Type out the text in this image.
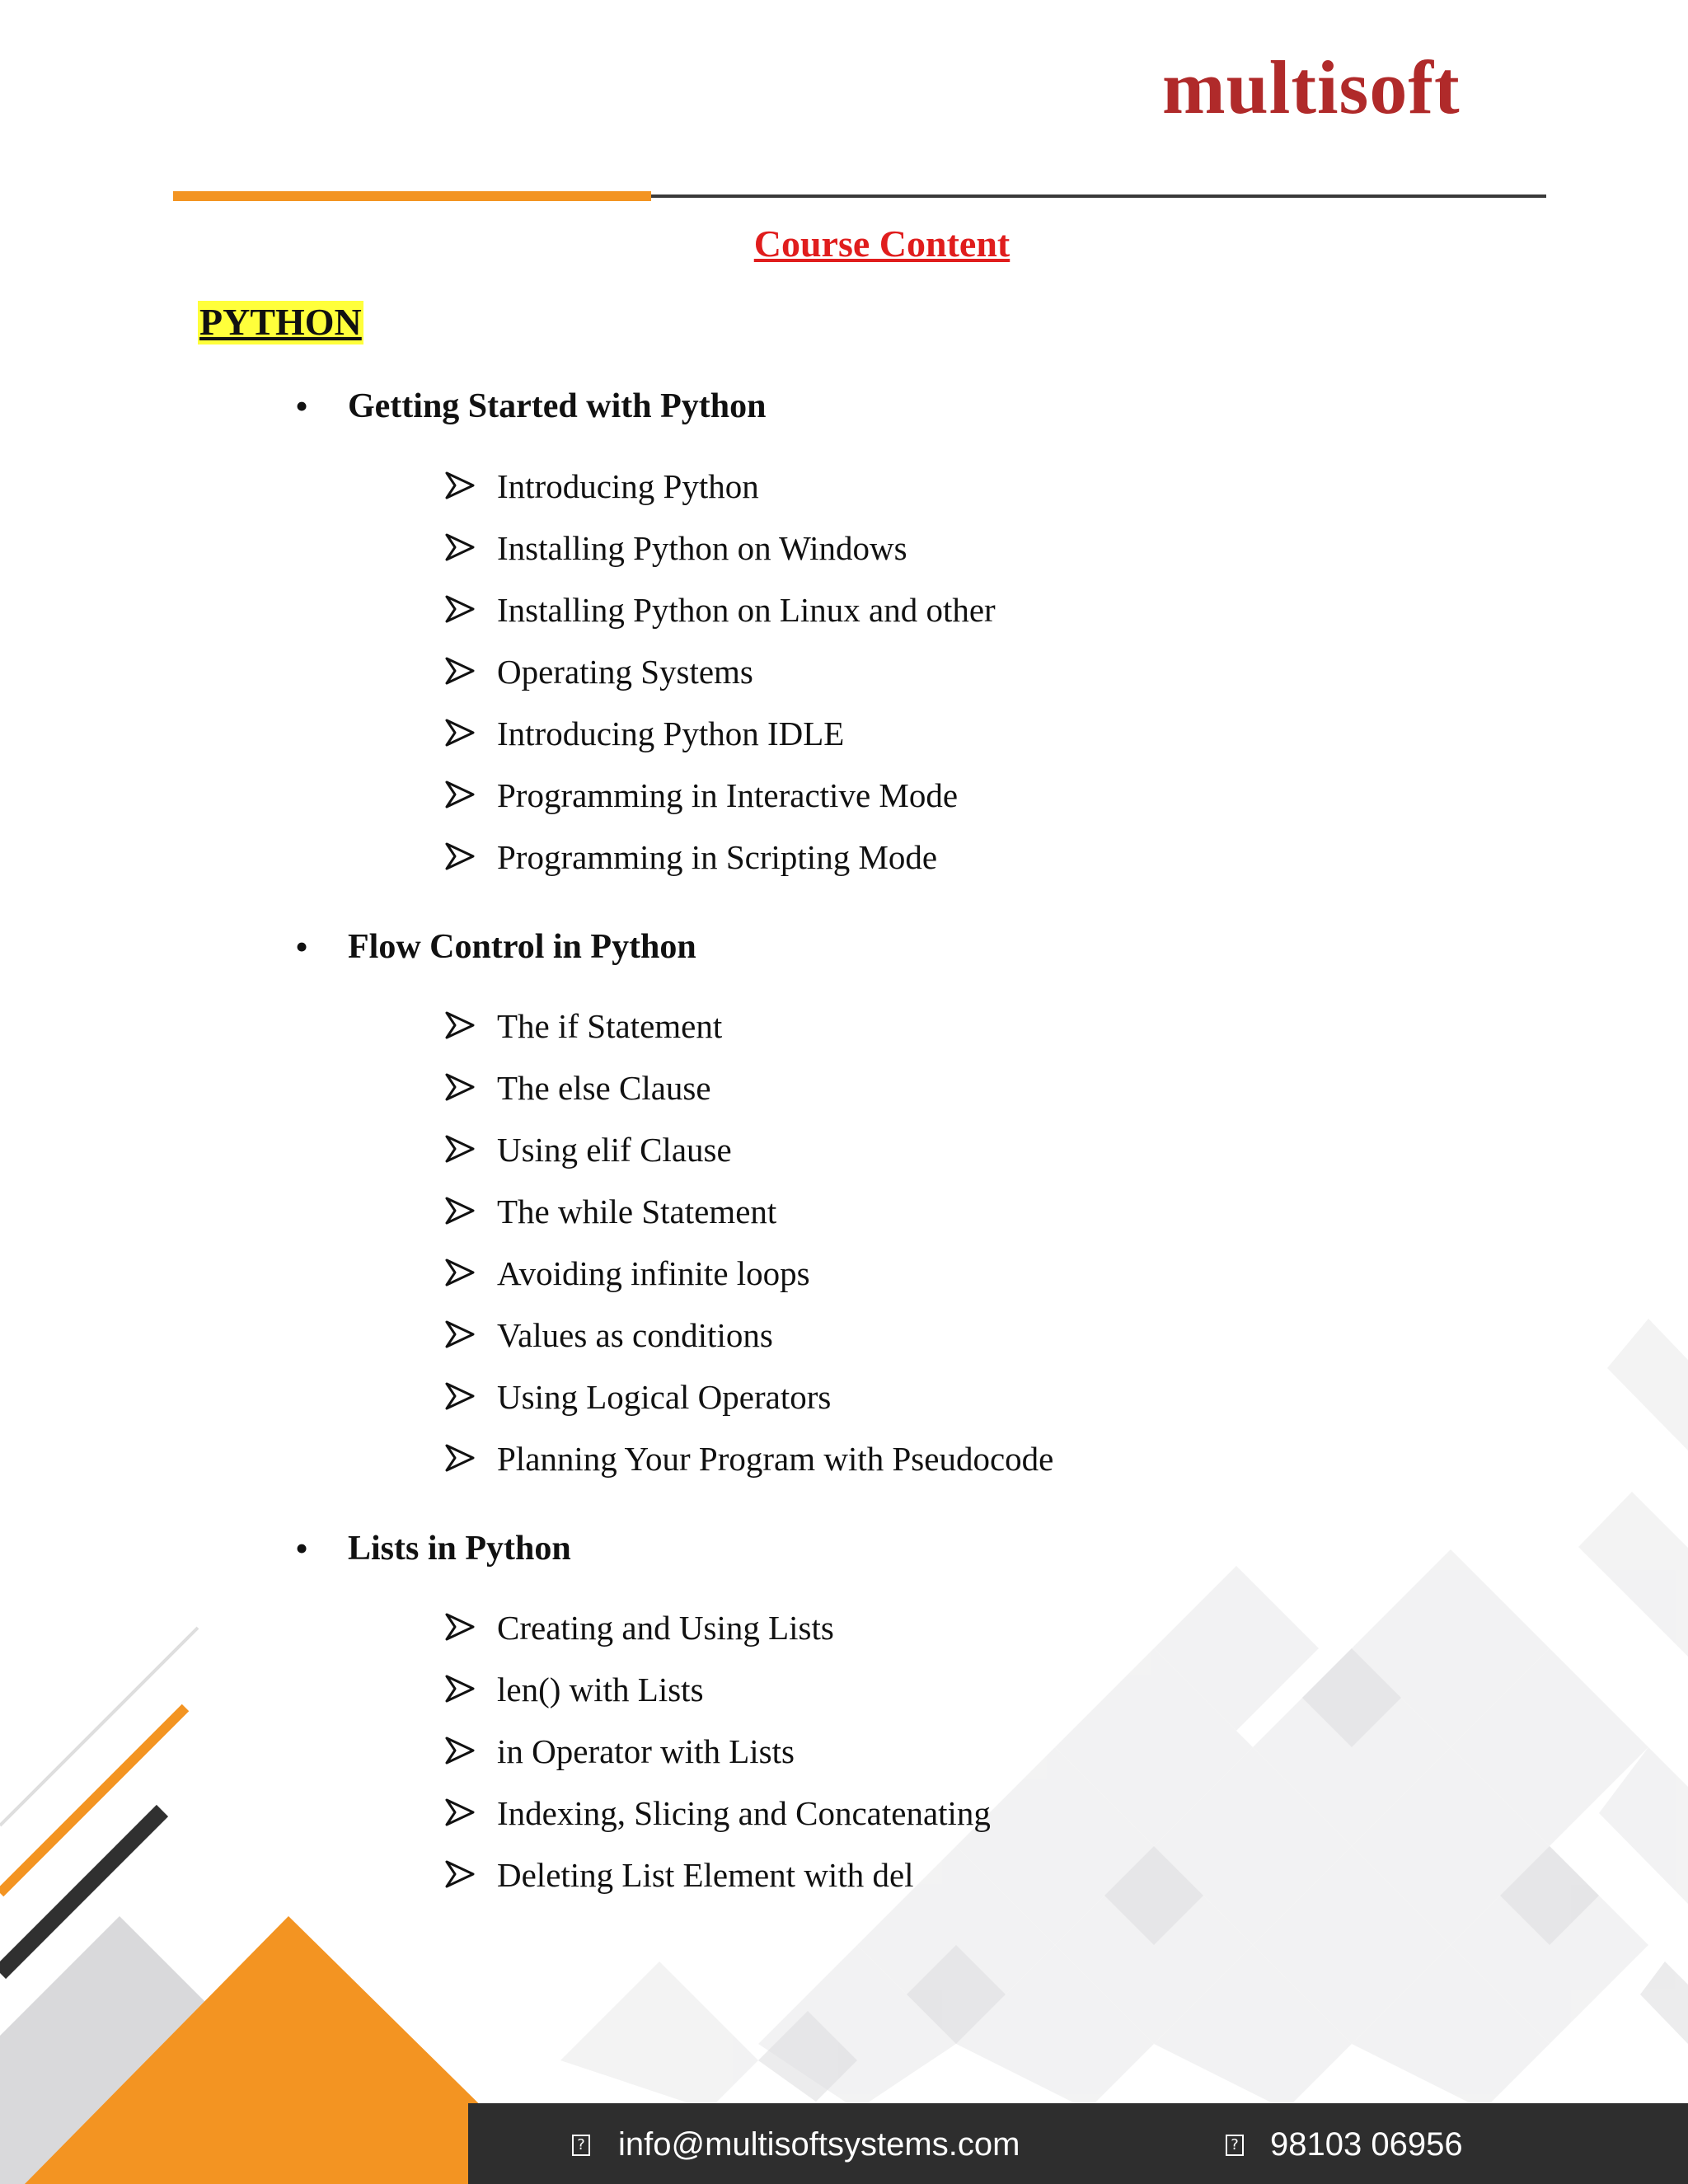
multisoft
Course Content
PYTHON
• Getting Started with Python
Introducing Python
Installing Python on Windows
Installing Python on Linux and other
Operating Systems
Introducing Python IDLE
Programming in Interactive Mode
Programming in Scripting Mode
• Flow Control in Python
The if Statement
The else Clause
Using elif Clause
The while Statement
Avoiding infinite loops
Values as conditions
Using Logical Operators
Planning Your Program with Pseudocode
• Lists in Python
Creating and Using Lists
len() with Lists
in Operator with Lists
Indexing, Slicing and Concatenating
Deleting List Element with del
? info@multisoftsystems.com	? 98103 06956
